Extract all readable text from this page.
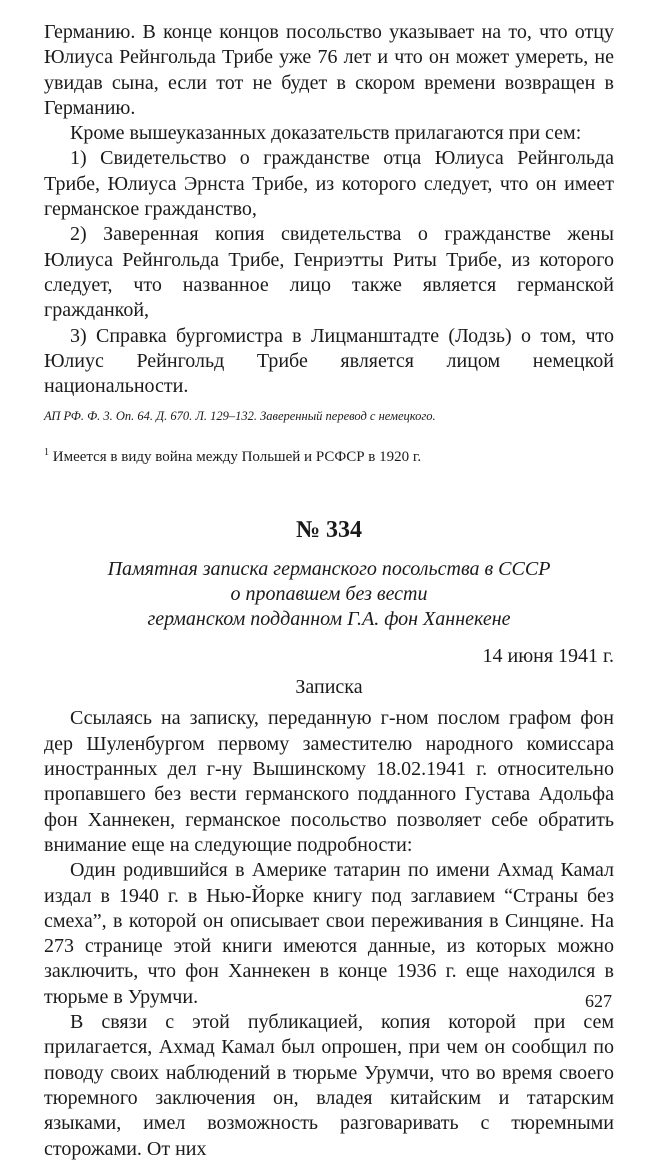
Германию. В конце концов посольство указывает на то, что отцу Юлиуса Рейнгольда Трибе уже 76 лет и что он может умереть, не увидав сына, если тот не будет в скором времени возвращен в Германию.

Кроме вышеуказанных доказательств прилагаются при сем:

1) Свидетельство о гражданстве отца Юлиуса Рейнгольда Трибе, Юлиуса Эрнста Трибе, из которого следует, что он имеет германское гражданство,

2) Заверенная копия свидетельства о гражданстве жены Юлиуса Рейнгольда Трибе, Генриэтты Риты Трибе, из которого следует, что названное лицо также является германской гражданкой,

3) Справка бургомистра в Лицманштадте (Лодзь) о том, что Юлиус Рейнгольд Трибе является лицом немецкой национальности.

АП РФ. Ф. 3. Оп. 64. Д. 670. Л. 129–132. Заверенный перевод с немецкого.

$^1$ Имеется в виду война между Польшей и РСФСР в 1920 г.

№ 334

Памятная записка германского посольства в СССР
о пропавшем без вести
германском подданном Г.А. фон Ханнекене

14 июня 1941 г.

Записка

Ссылаясь на записку, переданную г-ном послом графом фон дер Шуленбургом первому заместителю народного комиссара иностранных дел г-ну Вышинскому 18.02.1941 г. относительно пропавшего без вести германского подданного Густава Адольфа фон Ханнекен, германское посольство позволяет себе обратить внимание еще на следующие подробности:

Один родившийся в Америке татарин по имени Ахмад Камал издал в 1940 г. в Нью-Йорке книгу под заглавием “Страны без смеха”, в которой он описывает свои переживания в Синцяне. На 273 странице этой книги имеются данные, из которых можно заключить, что фон Ханнекен в конце 1936 г. еще находился в тюрьме в Урумчи.

В связи с этой публикацией, копия которой при сем прилагается, Ахмад Камал был опрошен, при чем он сообщил по поводу своих наблюдений в тюрьме Урумчи, что во время своего тюремного заключения он, владея китайским и татарским языками, имел возможность разговаривать с тюремными сторожами. От них

627
